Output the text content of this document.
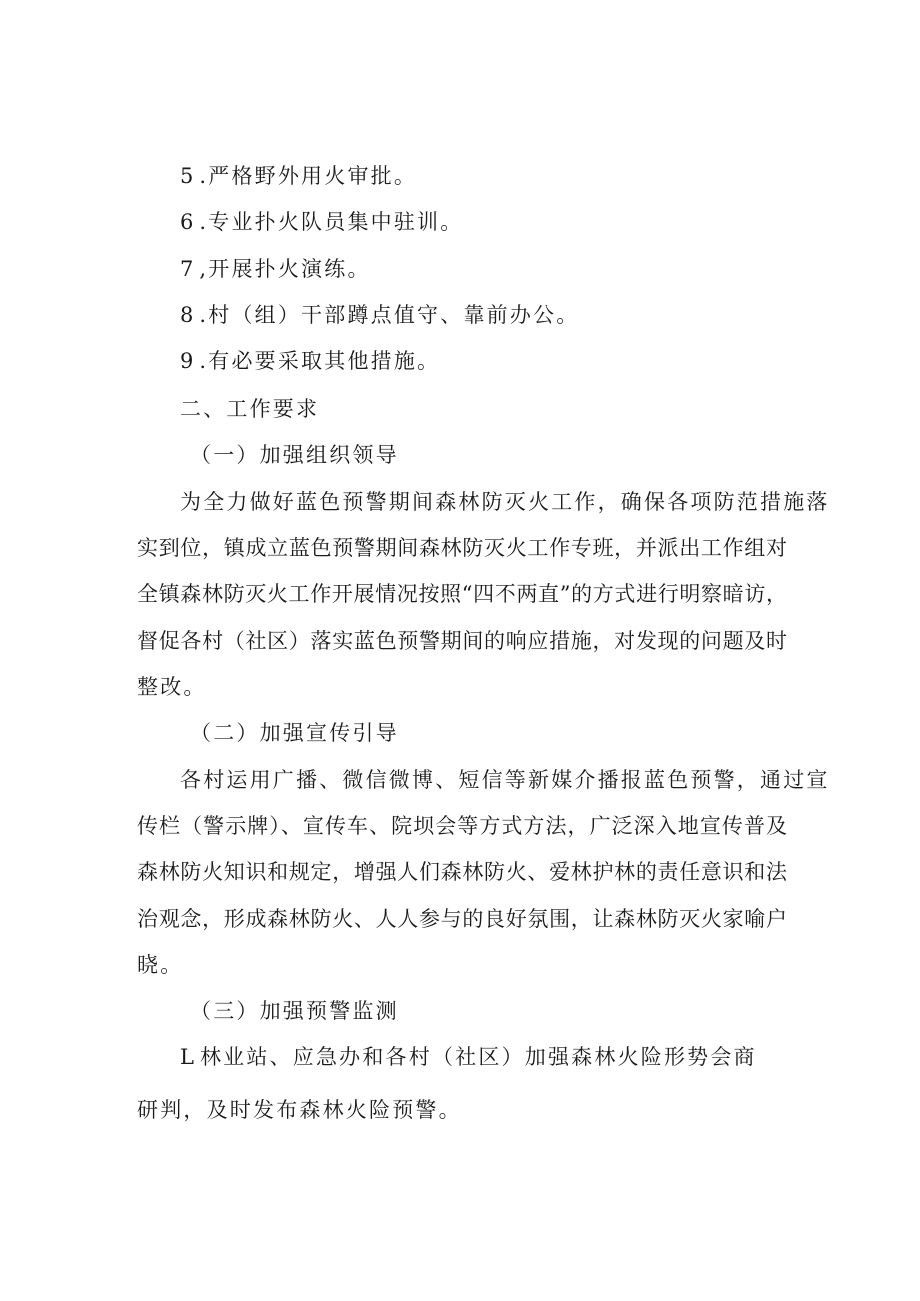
5 .严格野外用火审批。
6 .专业扑火队员集中驻训。
7 ,开展扑火演练。
8 .村（组）干部蹲点值守、靠前办公。
9 .有必要采取其他措施。
二、工作要求
（一）加强组织领导
为全力做好蓝色预警期间森林防灭火工作，确保各项防范措施落
实到位，镇成立蓝色预警期间森林防灭火工作专班，并派出工作组对
全镇森林防灭火工作开展情况按照“四不两直”的方式进行明察暗访，
督促各村（社区）落实蓝色预警期间的响应措施，对发现的问题及时
整改。
（二）加强宣传引导
各村运用广播、微信微博、短信等新媒介播报蓝色预警，通过宣
传栏（警示牌）、宣传车、院坝会等方式方法，广泛深入地宣传普及
森林防火知识和规定，增强人们森林防火、爱林护林的责任意识和法
治观念，形成森林防火、人人参与的良好氛围，让森林防灭火家喻户
晓。
（三）加强预警监测
L 林业站、应急办和各村（社区）加强森林火险形势会商
研判，及时发布森林火险预警。
